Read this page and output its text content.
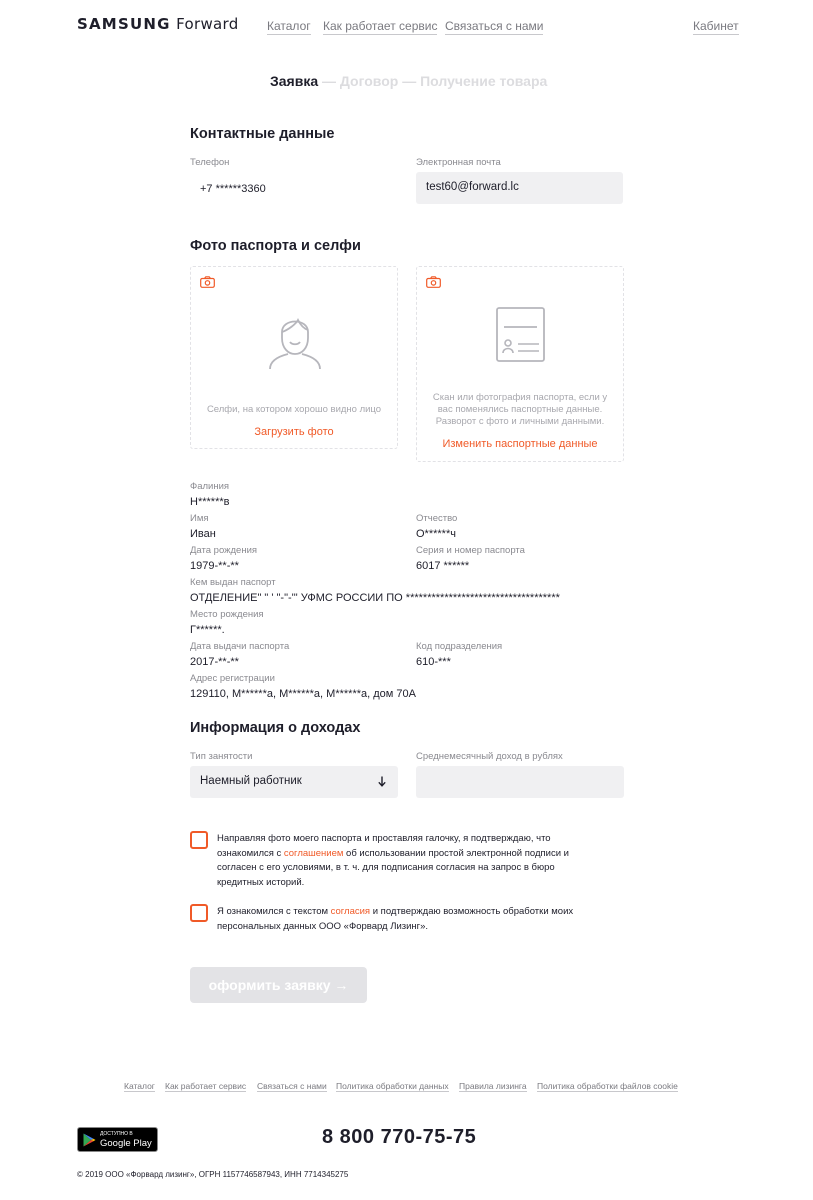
SAMSUNG Forward Каталог Как работает сервис Связаться с нами	Кабинет
Заявка — Договор — Получение товара
Контактные данные
Телефон
+7 ******3360
Электронная почта
test60@forward.lc
Фото паспорта и селфи
Селфи, на котором хорошо видно лицо
Загрузить фото
Скан или фотография паспорта, если у
вас поменялись паспортные данные.
Разворот с фото и личными данными.
Изменить паспортные данные
Фалиния
Н******в
Имя
Иван
Отчество
О******ч
Дата рождения
1979-**-**
Серия и номер паспорта
6017 ******
Кем выдан паспорт
ОТДЕЛЕНИЕ" " ' "-"-'" УФМС РОССИИ ПО ************************************
Место рождения
Г******.
Дата выдачи паспорта
2017-**-**
Код подразделения
610-***
Адрес регистрации
129110, М******а, М******а, М******а, дом 70А
Информация о доходах
Тип занятости
Наемный работник
Среднемесячный доход в рублях
Направляя фото моего паспорта и проставляя галочку, я подтверждаю, что ознакомился с соглашением об использовании простой электронной подписи и согласен с его условиями, в т. ч. для подписания согласия на запрос в бюро кредитных историй.
Я ознакомился с текстом согласия и подтверждаю возможность обработки моих персональных данных ООО «Форвард Лизинг».
оформить заявку →
Каталог Как работает сервис Связаться с нами Политика обработки данных Правила лизинга Политика обработки файлов cookie
ДОСТУПНО В
Google Play	8 800 770-75-75
© 2019 ООО «Форвард лизинг», ОГРН 1157746587943, ИНН 7714345275
